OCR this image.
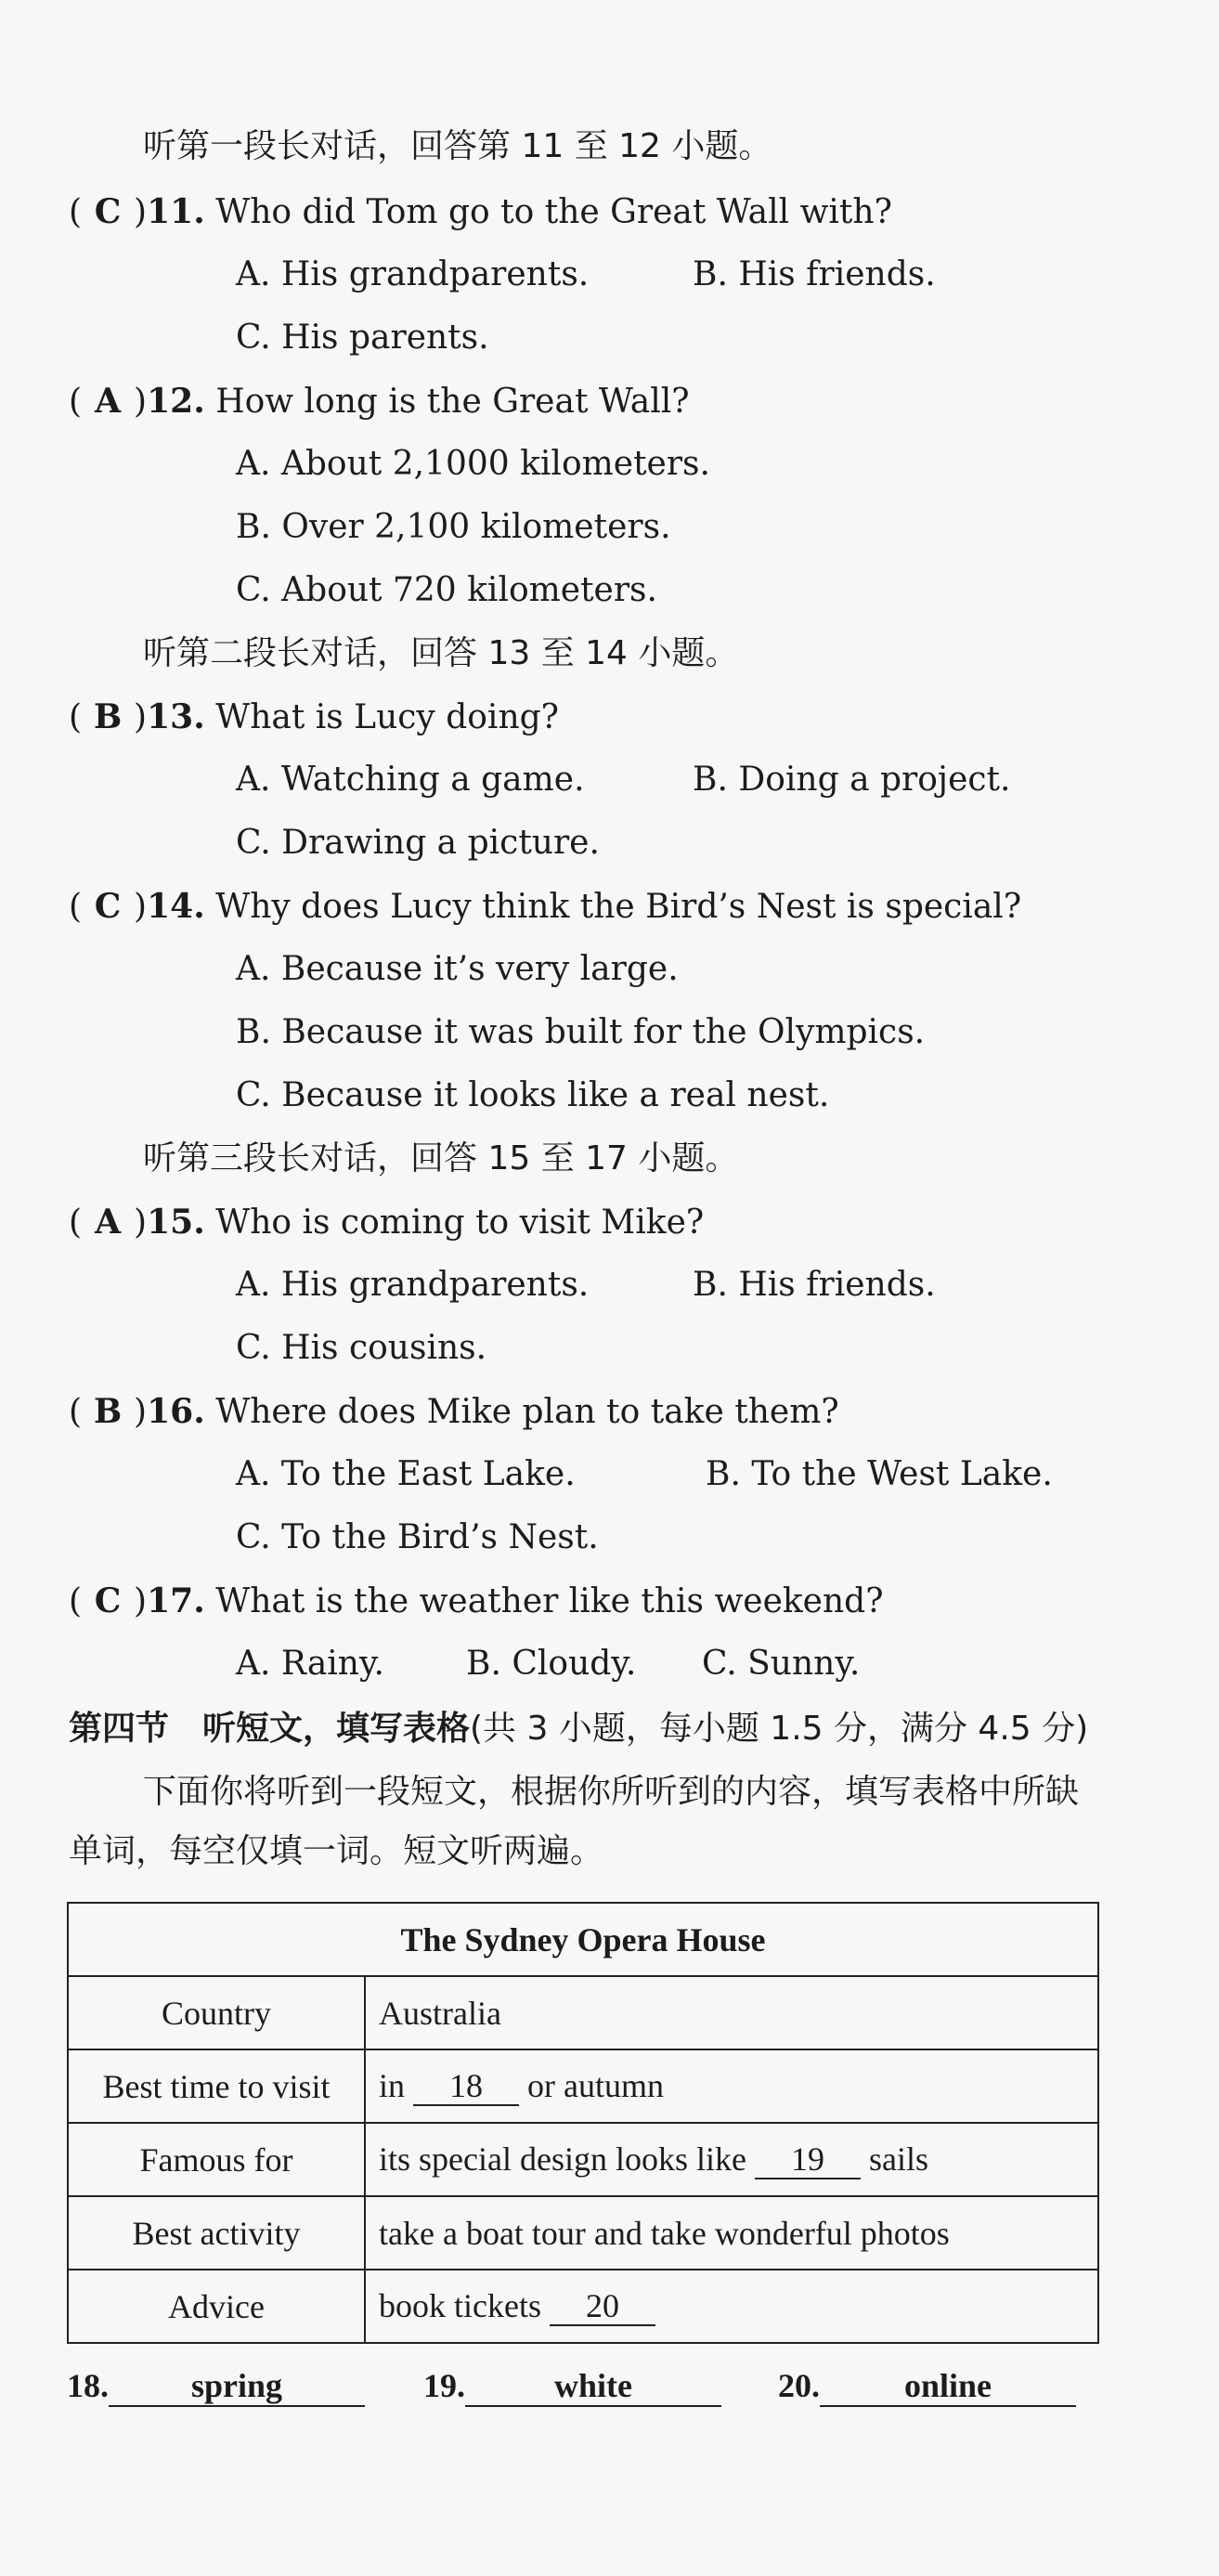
听第一段长对话，回答第 11 至 12 小题。
( C )11. Who did Tom go to the Great Wall with?
A. His grandparents.	B. His friends.
C. His parents.
( A )12. How long is the Great Wall?
A. About 2,1000 kilometers.
B. Over 2,100 kilometers.
C. About 720 kilometers.
听第二段长对话，回答 13 至 14 小题。
( B )13. What is Lucy doing?
A. Watching a game.	B. Doing a project.
C. Drawing a picture.
( C )14. Why does Lucy think the Bird’s Nest is special?
A. Because it’s very large.
B. Because it was built for the Olympics.
C. Because it looks like a real nest.
听第三段长对话，回答 15 至 17 小题。
( A )15. Who is coming to visit Mike?
A. His grandparents.	B. His friends.
C. His cousins.
( B )16. Where does Mike plan to take them?
A. To the East Lake.	B. To the West Lake.
C. To the Bird’s Nest.
( C )17. What is the weather like this weekend?
A. Rainy. B. Cloudy. C. Sunny.
第四节　听短文，填写表格(共 3 小题，每小题 1.5 分，满分 4.5 分)
下面你将听到一段短文，根据你所听到的内容，填写表格中所缺
单词，每空仅填一词。短文听两遍。
The Sydney Opera House	
Country	Australia
Best time to visit	in 18 or autumn
Famous for	its special design looks like 19 sails
Best activity	take a boat tour and take wonderful photos
Advice	book tickets 20
18. spring	19.	white	20.	online
